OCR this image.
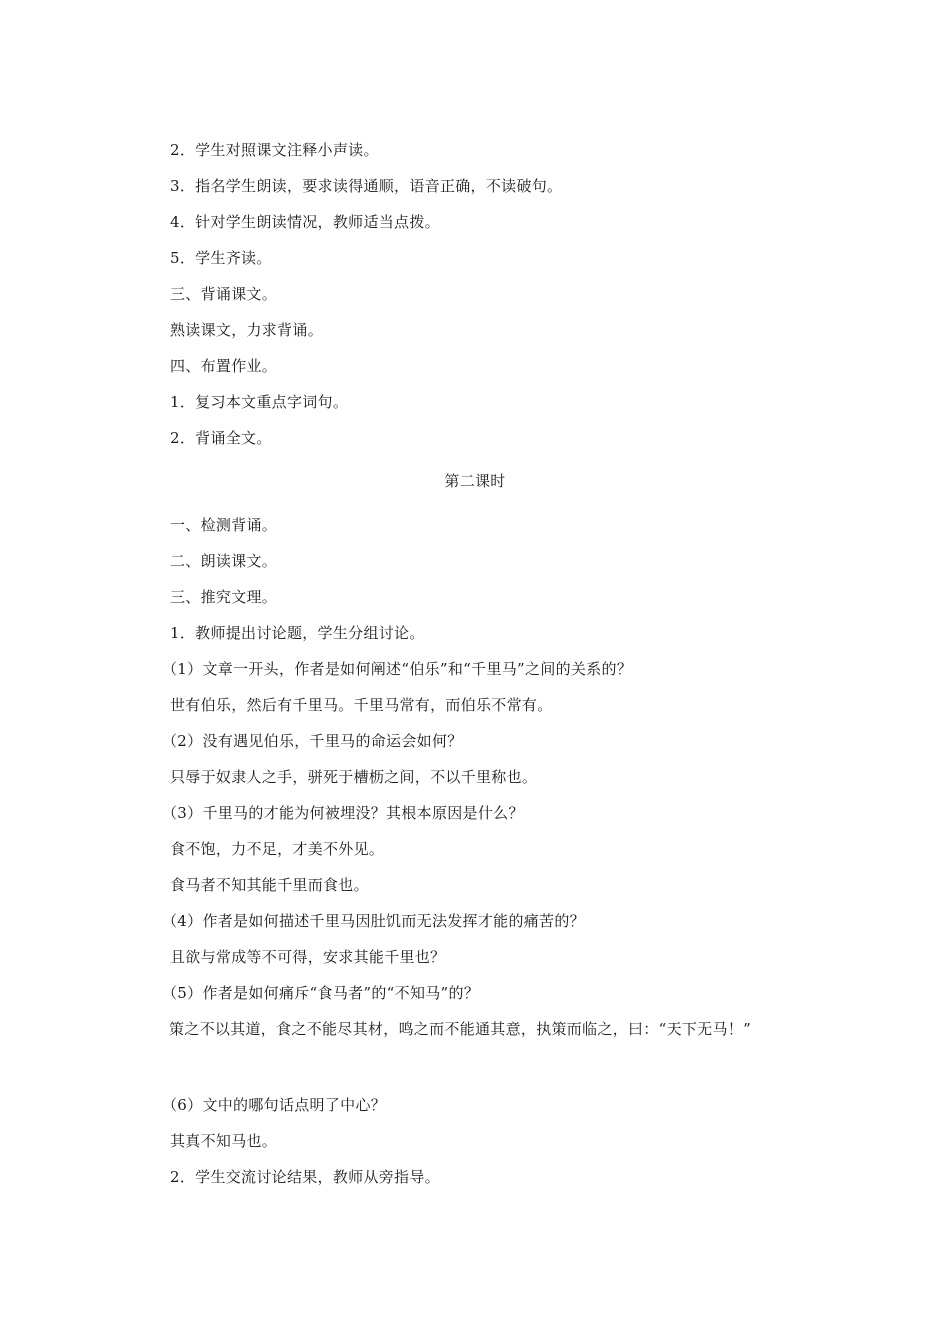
2．学生对照课文注释小声读。
3．指名学生朗读，要求读得通顺，语音正确，不读破句。
4．针对学生朗读情况，教师适当点拨。
5．学生齐读。
三、背诵课文。
熟读课文，力求背诵。
四、布置作业。
1．复习本文重点字词句。
2．背诵全文。
第二课时
一、检测背诵。
二、朗读课文。
三、推究文理。
1．教师提出讨论题，学生分组讨论。
（1）文章一开头，作者是如何阐述“伯乐”和“千里马”之间的关系的？
世有伯乐，然后有千里马。千里马常有，而伯乐不常有。
（2）没有遇见伯乐，千里马的命运会如何？
只辱于奴隶人之手，骈死于槽枥之间，不以千里称也。
（3）千里马的才能为何被埋没？其根本原因是什么？
食不饱，力不足，才美不外见。
食马者不知其能千里而食也。
（4）作者是如何描述千里马因肚饥而无法发挥才能的痛苦的？
且欲与常成等不可得，安求其能千里也？
（5）作者是如何痛斥“食马者”的“不知马”的？
策之不以其道，食之不能尽其材，鸣之而不能通其意，执策而临之，曰：“天下无马！”
（6）文中的哪句话点明了中心？
其真不知马也。
2．学生交流讨论结果，教师从旁指导。
